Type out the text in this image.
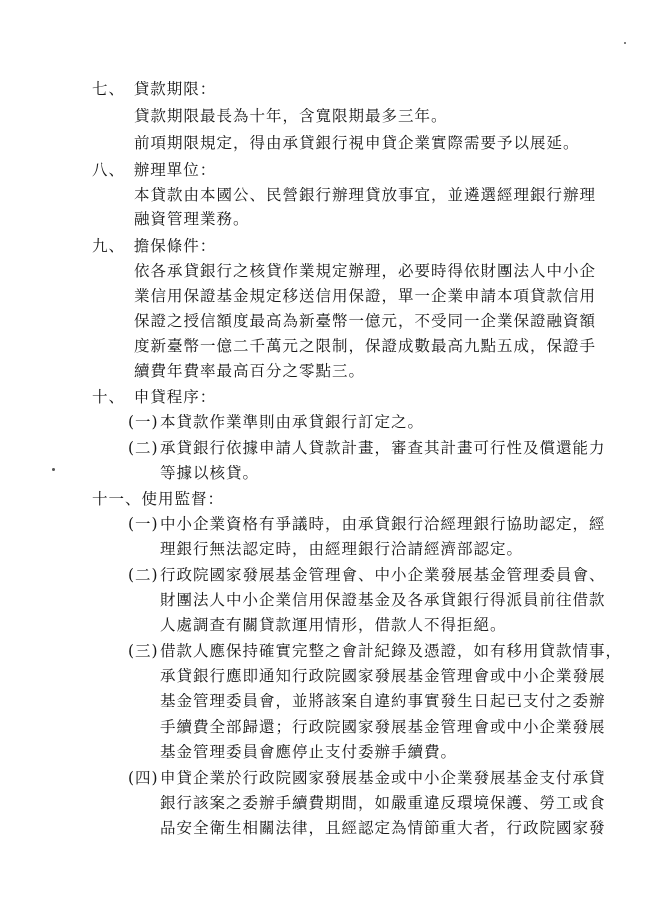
七、　貸款期限：
貸款期限最長為十年，含寬限期最多三年。
前項期限規定，得由承貸銀行視申貸企業實際需要予以展延。
八、　辦理單位：
本貸款由本國公、民營銀行辦理貸放事宜，並遴選經理銀行辦理
融資管理業務。
九、　擔保條件：
依各承貸銀行之核貸作業規定辦理，必要時得依財團法人中小企
業信用保證基金規定移送信用保證，單一企業申請本項貸款信用
保證之授信額度最高為新臺幣一億元，不受同一企業保證融資額
度新臺幣一億二千萬元之限制，保證成數最高九點五成，保證手
續費年費率最高百分之零點三。
十、　申貸程序：
(一) 本貸款作業準則由承貸銀行訂定之。
(二) 承貸銀行依據申請人貸款計畫，審查其計畫可行性及償還能力
等據以核貸。
十一、使用監督：
(一) 中小企業資格有爭議時，由承貸銀行洽經理銀行協助認定，經
理銀行無法認定時，由經理銀行洽請經濟部認定。
(二) 行政院國家發展基金管理會、中小企業發展基金管理委員會、
財團法人中小企業信用保證基金及各承貸銀行得派員前往借款
人處調查有關貸款運用情形，借款人不得拒絕。
(三) 借款人應保持確實完整之會計紀錄及憑證，如有移用貸款情事，
承貸銀行應即通知行政院國家發展基金管理會或中小企業發展
基金管理委員會，並將該案自違約事實發生日起已支付之委辦
手續費全部歸還；行政院國家發展基金管理會或中小企業發展
基金管理委員會應停止支付委辦手續費。
(四) 申貸企業於行政院國家發展基金或中小企業發展基金支付承貸
銀行該案之委辦手續費期間，如嚴重違反環境保護、勞工或食
品安全衛生相關法律，且經認定為情節重大者，行政院國家發
